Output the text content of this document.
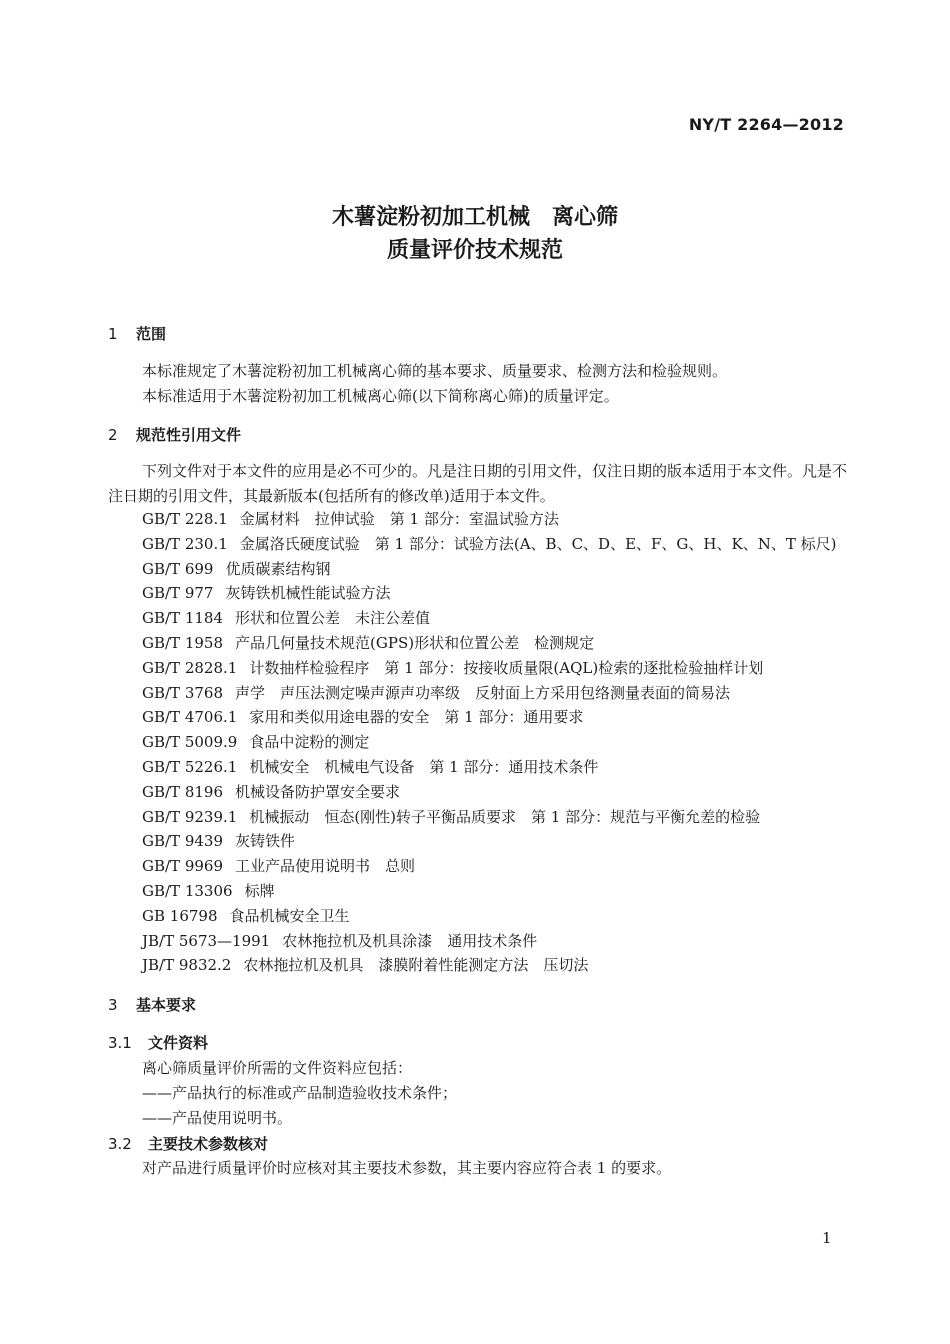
NY/T 2264—2012
木薯淀粉初加工机械 离心筛
质量评价技术规范
1 范围
本标准规定了木薯淀粉初加工机械离心筛的基本要求、质量要求、检测方法和检验规则。
本标准适用于木薯淀粉初加工机械离心筛(以下简称离心筛)的质量评定。
2 规范性引用文件
下列文件对于本文件的应用是必不可少的。凡是注日期的引用文件，仅注日期的版本适用于本文件。凡是不注日期的引用文件，其最新版本(包括所有的修改单)适用于本文件。
GB/T 228.1 金属材料　拉伸试验　第 1 部分：室温试验方法
GB/T 230.1 金属洛氏硬度试验　第 1 部分：试验方法(A、B、C、D、E、F、G、H、K、N、T 标尺)
GB/T 699 优质碳素结构钢
GB/T 977 灰铸铁机械性能试验方法
GB/T 1184 形状和位置公差　未注公差值
GB/T 1958 产品几何量技术规范(GPS)形状和位置公差　检测规定
GB/T 2828.1 计数抽样检验程序　第 1 部分：按接收质量限(AQL)检索的逐批检验抽样计划
GB/T 3768 声学　声压法测定噪声源声功率级　反射面上方采用包络测量表面的简易法
GB/T 4706.1 家用和类似用途电器的安全　第 1 部分：通用要求
GB/T 5009.9 食品中淀粉的测定
GB/T 5226.1 机械安全　机械电气设备　第 1 部分：通用技术条件
GB/T 8196 机械设备防护罩安全要求
GB/T 9239.1 机械振动　恒态(刚性)转子平衡品质要求　第 1 部分：规范与平衡允差的检验
GB/T 9439 灰铸铁件
GB/T 9969 工业产品使用说明书　总则
GB/T 13306 标牌
GB 16798 食品机械安全卫生
JB/T 5673—1991 农林拖拉机及机具涂漆　通用技术条件
JB/T 9832.2 农林拖拉机及机具　漆膜附着性能测定方法　压切法
3 基本要求
3.1 文件资料
离心筛质量评价所需的文件资料应包括：
——产品执行的标准或产品制造验收技术条件；
——产品使用说明书。
3.2 主要技术参数核对
对产品进行质量评价时应核对其主要技术参数，其主要内容应符合表 1 的要求。
1
